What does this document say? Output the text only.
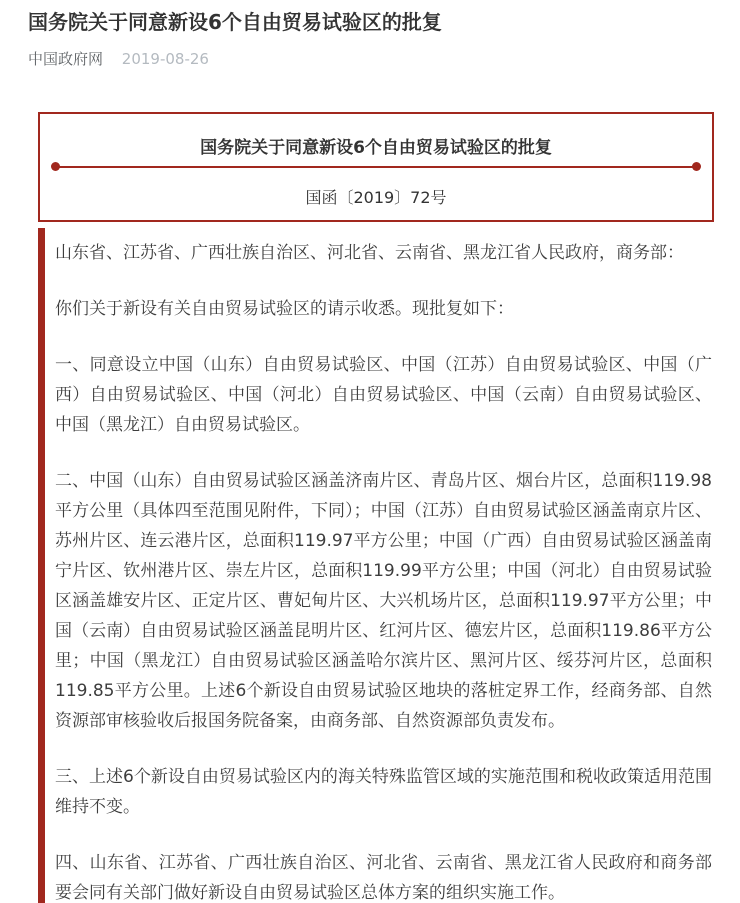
国务院关于同意新设6个自由贸易试验区的批复
中国政府网 2019-08-26
国务院关于同意新设6个自由贸易试验区的批复
国函〔2019〕72号

山东省、江苏省、广西壮族自治区、河北省、云南省、黑龙江省人民政府，商务部：

你们关于新设有关自由贸易试验区的请示收悉。现批复如下：

一、同意设立中国（山东）自由贸易试验区、中国（江苏）自由贸易试验区、中国（广西）自由贸易试验区、中国（河北）自由贸易试验区、中国（云南）自由贸易试验区、中国（黑龙江）自由贸易试验区。

二、中国（山东）自由贸易试验区涵盖济南片区、青岛片区、烟台片区，总面积119.98平方公里（具体四至范围见附件，下同）；中国（江苏）自由贸易试验区涵盖南京片区、苏州片区、连云港片区，总面积119.97平方公里；中国（广西）自由贸易试验区涵盖南宁片区、钦州港片区、崇左片区，总面积119.99平方公里；中国（河北）自由贸易试验区涵盖雄安片区、正定片区、曹妃甸片区、大兴机场片区，总面积119.97平方公里；中国（云南）自由贸易试验区涵盖昆明片区、红河片区、德宏片区，总面积119.86平方公里；中国（黑龙江）自由贸易试验区涵盖哈尔滨片区、黑河片区、绥芬河片区，总面积119.85平方公里。上述6个新设自由贸易试验区地块的落桩定界工作，经商务部、自然资源部审核验收后报国务院备案，由商务部、自然资源部负责发布。

三、上述6个新设自由贸易试验区内的海关特殊监管区域的实施范围和税收政策适用范围维持不变。

四、山东省、江苏省、广西壮族自治区、河北省、云南省、黑龙江省人民政府和商务部要会同有关部门做好新设自由贸易试验区总体方案的组织实施工作。
